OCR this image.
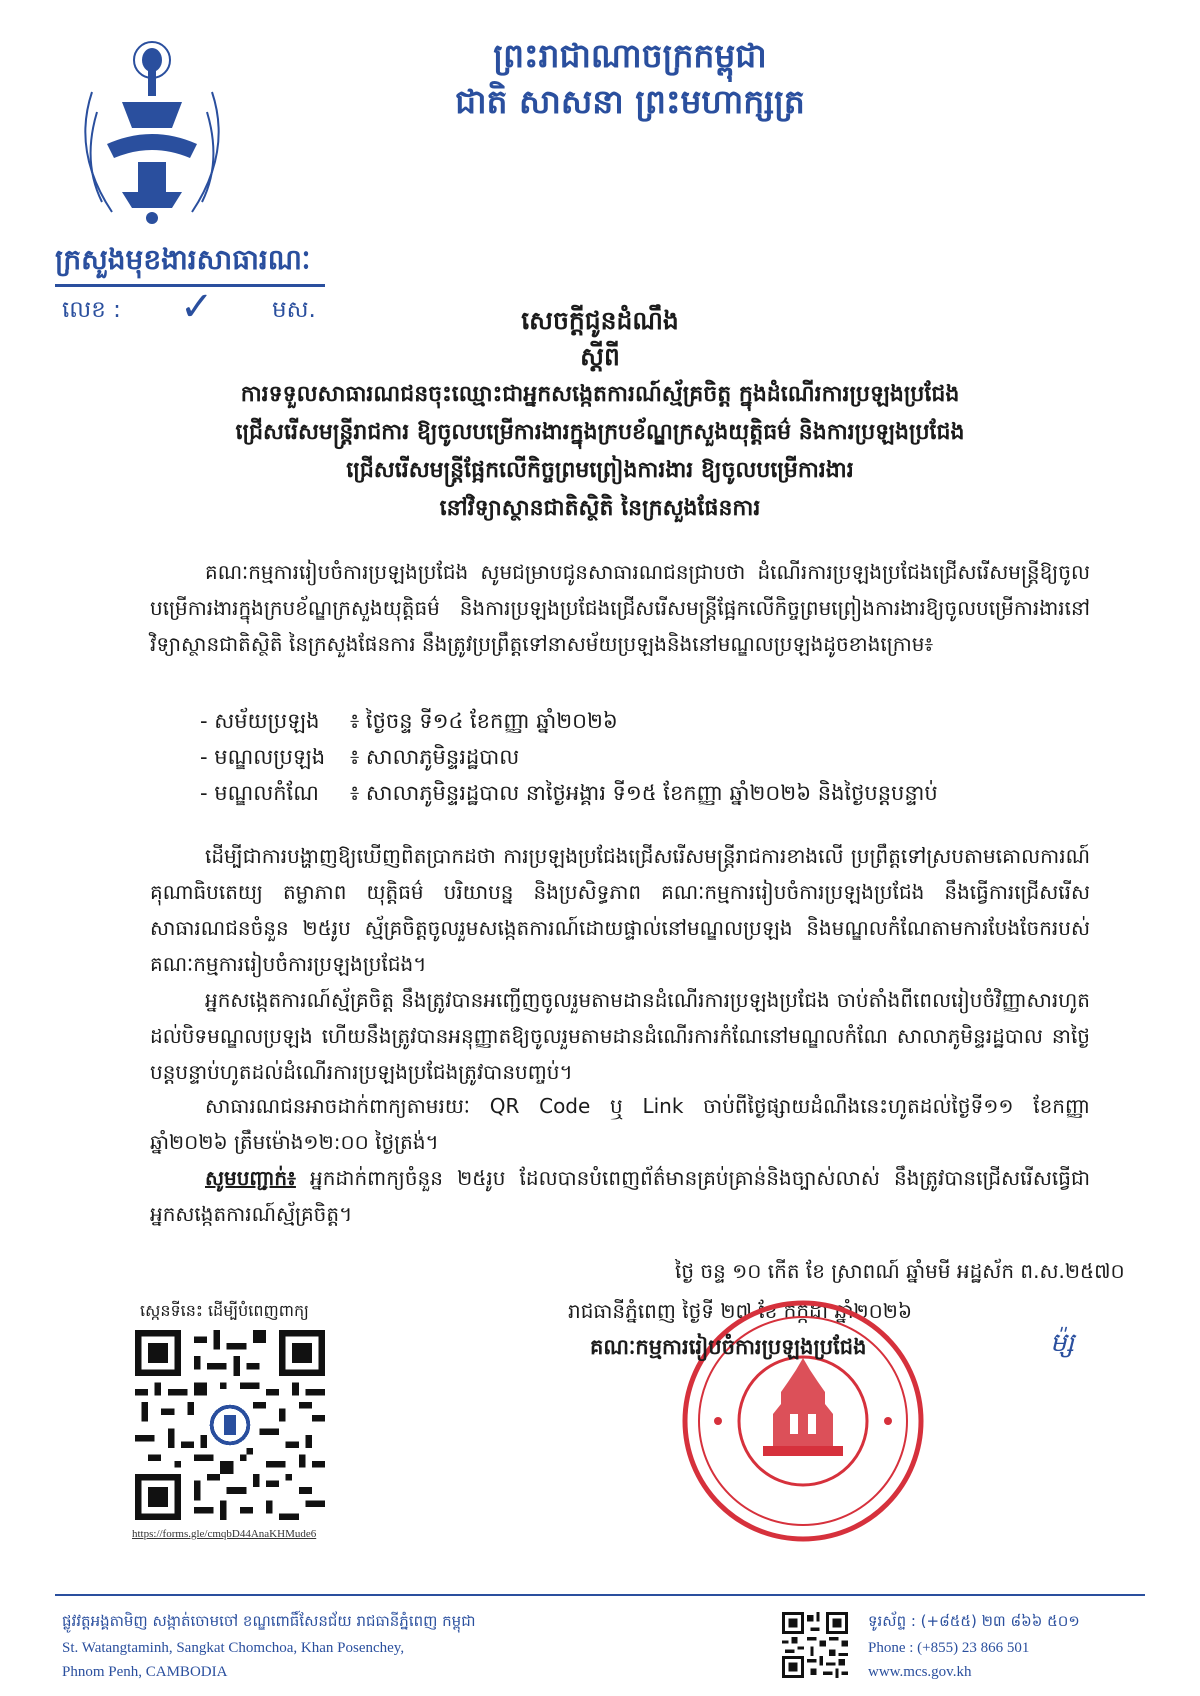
ព្រះរាជាណាចក្រកម្ពុជា
ជាតិ សាសនា ព្រះមហាក្សត្រ
ក្រសួងមុខងារសាធារណៈ
លេខ : ✓	មស.	សេចក្តីជូនដំណឹង
ស្តីពី
ការទទួលសាធារណជនចុះឈ្មោះជាអ្នកសង្កេតការណ៍ស្ម័គ្រចិត្ត ក្នុងដំណើរការប្រឡងប្រជែង
ជ្រើសរើសមន្ត្រីរាជការ ឱ្យចូលបម្រើការងារក្នុងក្របខ័ណ្ឌក្រសួងយុត្តិធម៌ និងការប្រឡងប្រជែង
ជ្រើសរើសមន្ត្រីផ្អែកលើកិច្ចព្រមព្រៀងការងារ ឱ្យចូលបម្រើការងារ
នៅវិទ្យាស្ថានជាតិស្ថិតិ នៃក្រសួងផែនការ
គណៈកម្មការរៀបចំការប្រឡងប្រជែង សូមជម្រាបជូនសាធារណជនជ្រាបថា ដំណើរការប្រឡងប្រជែងជ្រើសរើសមន្ត្រីឱ្យចូលបម្រើការងារក្នុងក្របខ័ណ្ឌក្រសួងយុត្តិធម៌ និងការប្រឡងប្រជែងជ្រើសរើសមន្ត្រីផ្អែកលើកិច្ចព្រមព្រៀងការងារឱ្យចូលបម្រើការងារនៅវិទ្យាស្ថានជាតិស្ថិតិ នៃក្រសួងផែនការ នឹងត្រូវប្រព្រឹត្តទៅនាសម័យប្រឡងនិងនៅមណ្ឌលប្រឡងដូចខាងក្រោម៖
- សម័យប្រឡង	៖ ថ្ងៃចន្ទ ទី១៤ ខែកញ្ញា ឆ្នាំ២០២៦
- មណ្ឌលប្រឡង	៖ សាលាភូមិន្ទរដ្ឋបាល
- មណ្ឌលកំណែ	៖ សាលាភូមិន្ទរដ្ឋបាល នាថ្ងៃអង្គារ ទី១៥ ខែកញ្ញា ឆ្នាំ២០២៦ និងថ្ងៃបន្តបន្ទាប់
ដើម្បីជាការបង្ហាញឱ្យឃើញពិតប្រាកដថា ការប្រឡងប្រជែងជ្រើសរើសមន្ត្រីរាជការខាងលើ ប្រព្រឹត្តទៅស្របតាមគោលការណ៍ គុណាធិបតេយ្យ តម្លាភាព យុត្តិធម៌ បរិយាបន្ន និងប្រសិទ្ធភាព គណៈកម្មការរៀបចំការប្រឡងប្រជែង នឹងធ្វើការជ្រើសរើសសាធារណជនចំនួន ២៥រូប ស្ម័គ្រចិត្តចូលរួមសង្កេតការណ៍ដោយផ្ទាល់នៅមណ្ឌលប្រឡង និងមណ្ឌលកំណែតាមការបែងចែករបស់គណៈកម្មការរៀបចំការប្រឡងប្រជែង។
អ្នកសង្កេតការណ៍ស្ម័គ្រចិត្ត នឹងត្រូវបានអញ្ជើញចូលរួមតាមដានដំណើរការប្រឡងប្រជែង ចាប់តាំងពីពេលរៀបចំវិញ្ញាសារហូតដល់បិទមណ្ឌលប្រឡង ហើយនឹងត្រូវបានអនុញ្ញាតឱ្យចូលរួមតាមដានដំណើរការកំណែនៅមណ្ឌលកំណែ សាលាភូមិន្ទរដ្ឋបាល នាថ្ងៃបន្តបន្ទាប់ហូតដល់ដំណើរការប្រឡងប្រជែងត្រូវបានបញ្ចប់។
សាធារណជនអាចដាក់ពាក្យតាមរយៈ QR Code ឬ Link ចាប់ពីថ្ងៃផ្សាយដំណឹងនេះហូតដល់ថ្ងៃទី១១ ខែកញ្ញា ឆ្នាំ២០២៦ ត្រឹមម៉ោង១២:០០ ថ្ងៃត្រង់។
សូមបញ្ជាក់៖ អ្នកដាក់ពាក្យចំនួន ២៥រូប ដែលបានបំពេញព័ត៌មានគ្រប់គ្រាន់និងច្បាស់លាស់ នឹងត្រូវបានជ្រើសរើសធ្វើជា អ្នកសង្កេតការណ៍ស្ម័គ្រចិត្ត។
ថ្ងៃ ចន្ទ ១០ កើត ខែ ស្រាពណ៍ ឆ្នាំមមី អដ្ឋស័ក ព.ស.២៥៧០
រាជធានីភ្នំពេញ ថ្ងៃទី ២៧ ខែ កក្កដា ឆ្នាំ២០២៦
គណៈកម្មការរៀបចំការប្រឡងប្រជែង	ម៉្ស
ស្កេនទីនេះ ដើម្បីបំពេញពាក្យ
https://forms.gle/cmqbD44AnaKHMude6
ផ្លូវវត្តអង្គតាមិញ សង្កាត់ចោមចៅ ខណ្ឌពោធិ៍សែនជ័យ រាជធានីភ្នំពេញ កម្ពុជា
St. Watangtaminh, Sangkat Chomchoa, Khan Posenchey,
Phnom Penh, CAMBODIA
ទូរស័ព្ទ : (+៨៥៥) ២៣ ៨៦៦ ៥០១
Phone : (+855) 23 866 501
www.mcs.gov.kh
